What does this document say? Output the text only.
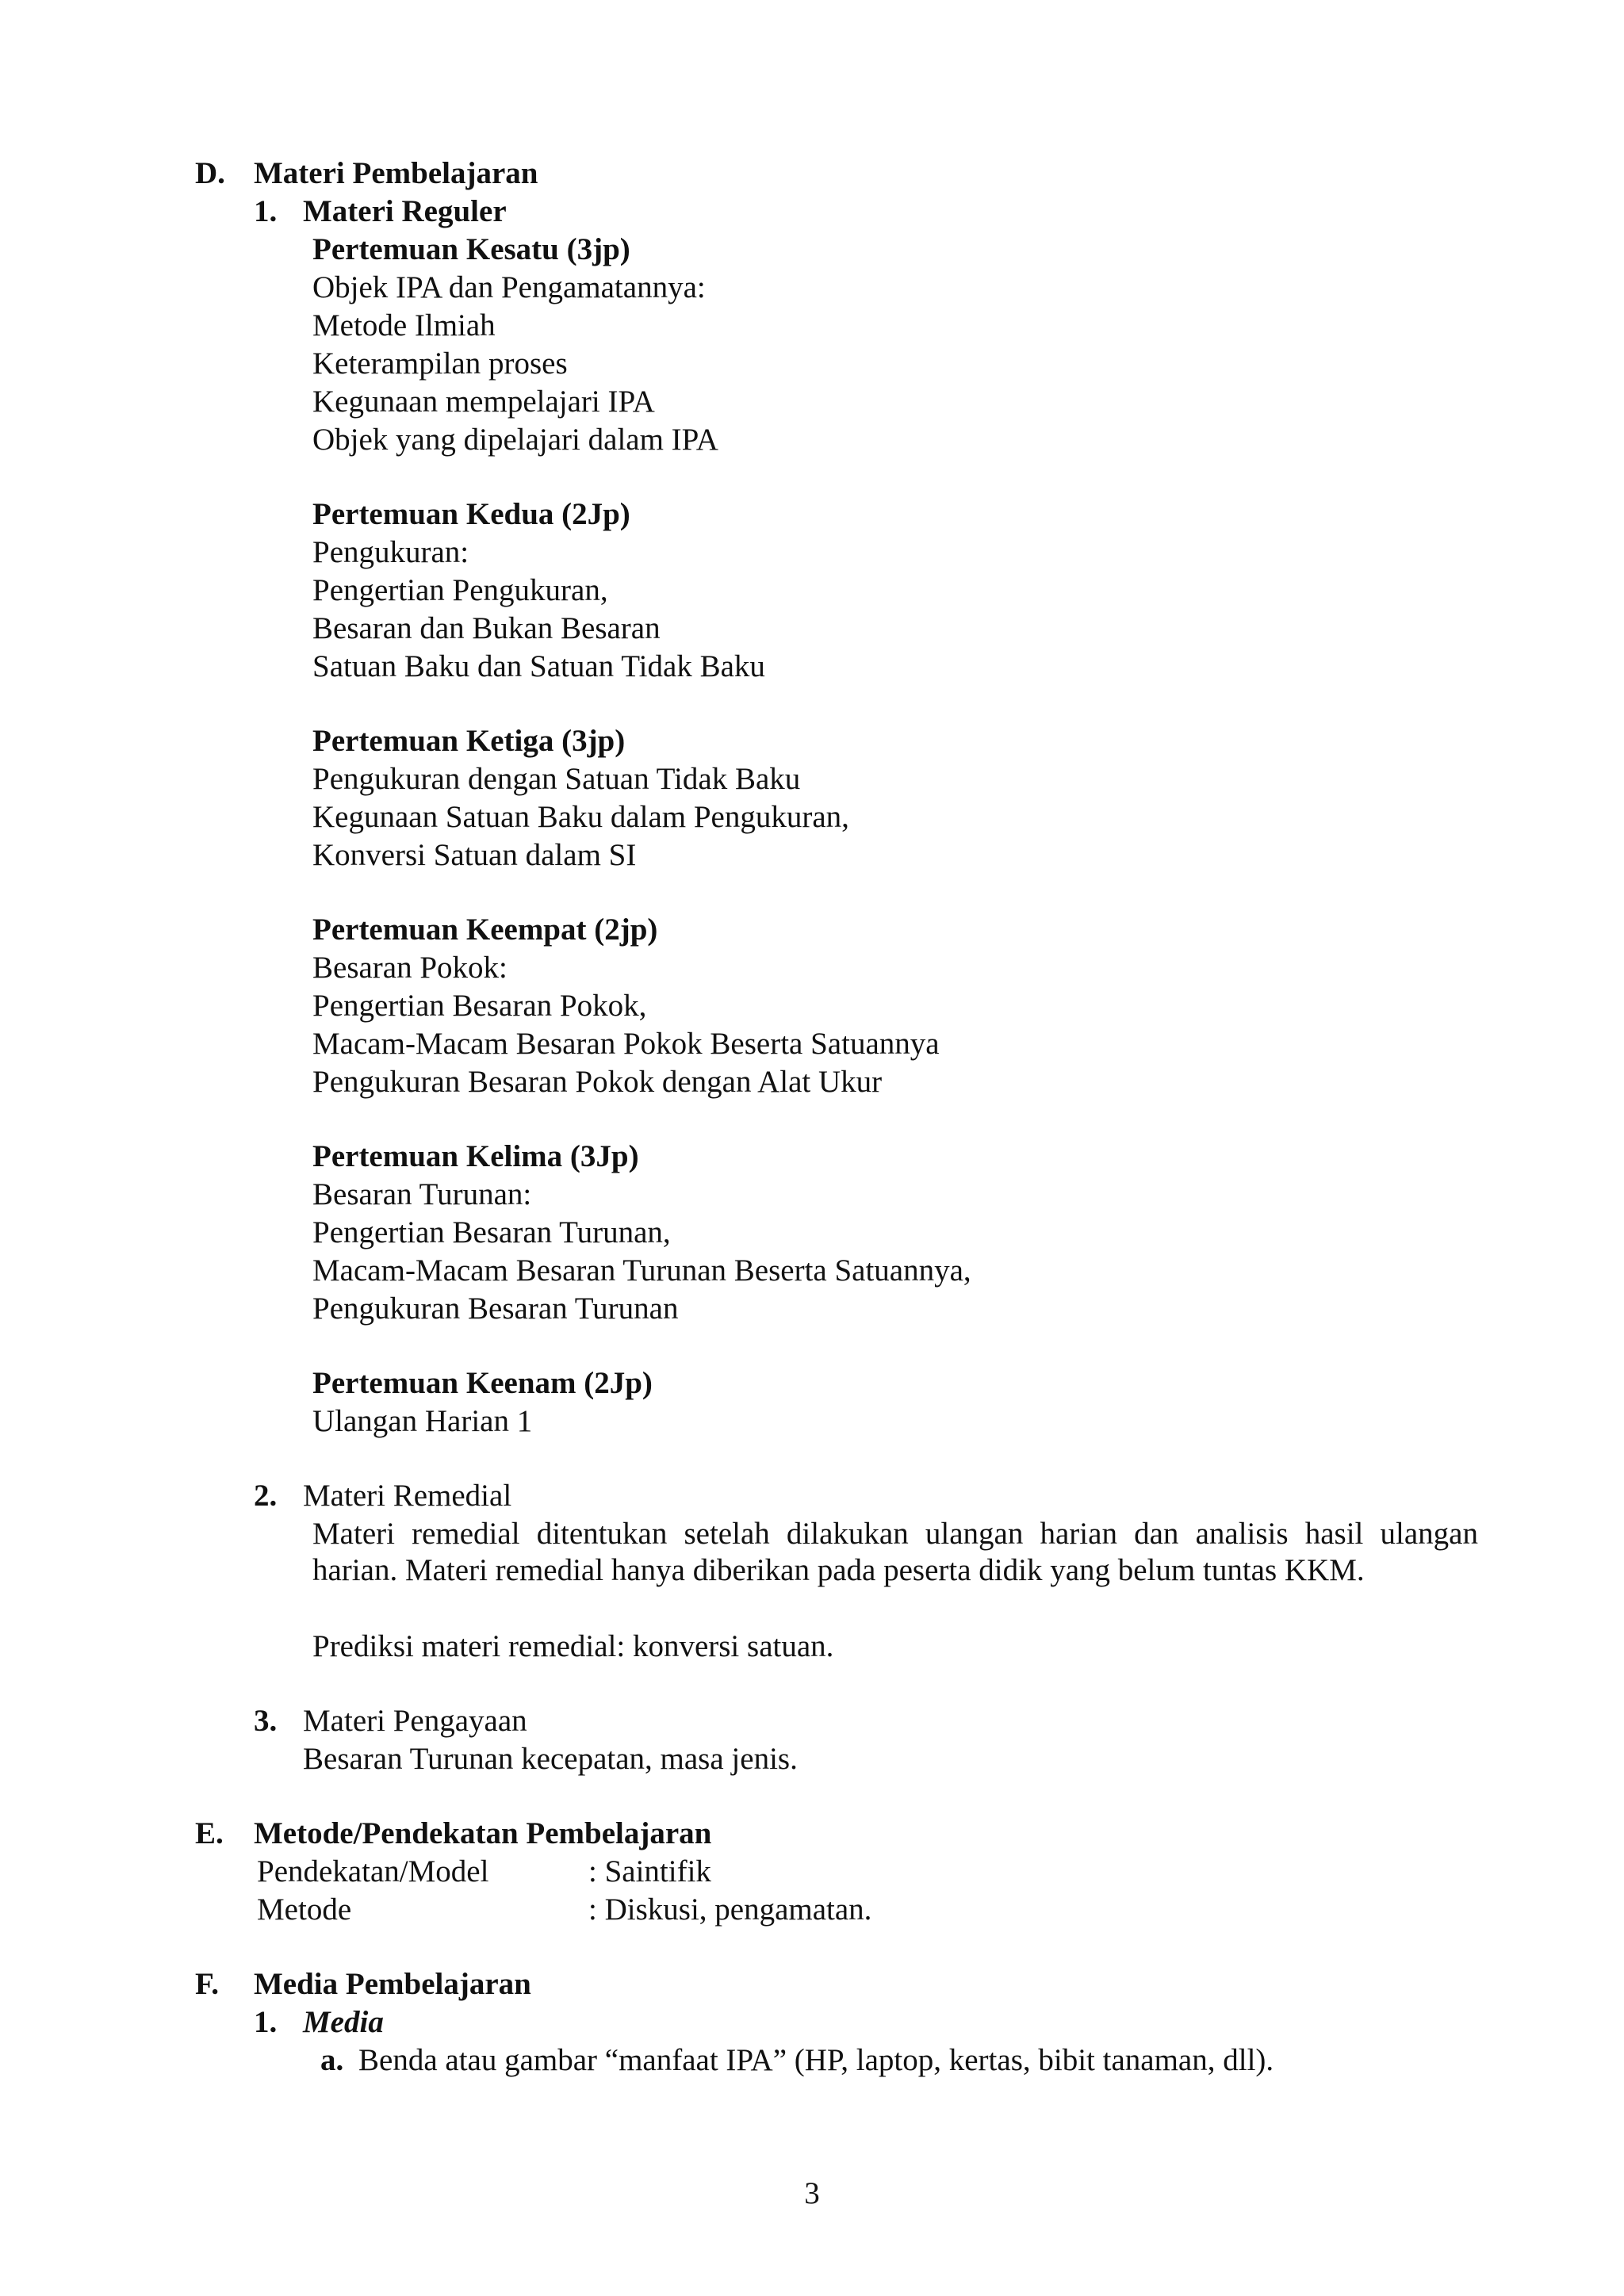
D. Materi Pembelajaran
1. Materi Reguler
Pertemuan Kesatu (3jp)
Objek IPA dan Pengamatannya:
Metode Ilmiah
Keterampilan proses
Kegunaan mempelajari IPA
Objek yang dipelajari dalam IPA
Pertemuan Kedua (2Jp)
Pengukuran:
Pengertian Pengukuran,
Besaran dan Bukan Besaran
Satuan Baku dan Satuan Tidak Baku
Pertemuan Ketiga (3jp)
Pengukuran dengan Satuan Tidak Baku
Kegunaan Satuan Baku dalam Pengukuran,
Konversi Satuan dalam SI
Pertemuan Keempat (2jp)
Besaran Pokok:
Pengertian Besaran Pokok,
Macam-Macam Besaran Pokok Beserta Satuannya
Pengukuran Besaran Pokok dengan Alat Ukur
Pertemuan Kelima (3Jp)
Besaran Turunan:
Pengertian Besaran Turunan,
Macam-Macam Besaran Turunan Beserta Satuannya,
Pengukuran Besaran Turunan
Pertemuan Keenam (2Jp)
Ulangan Harian 1
2. Materi Remedial
Materi remedial ditentukan setelah dilakukan ulangan harian dan analisis hasil ulangan harian. Materi remedial hanya diberikan pada peserta didik yang belum tuntas KKM.
Prediksi materi remedial: konversi satuan.
3. Materi Pengayaan
Besaran Turunan kecepatan, masa jenis.
E. Metode/Pendekatan Pembelajaran
Pendekatan/Model	: Saintifik
Metode	: Diskusi, pengamatan.
F. Media Pembelajaran
1. Media
a. Benda atau gambar “manfaat IPA” (HP, laptop, kertas, bibit tanaman, dll).
3
